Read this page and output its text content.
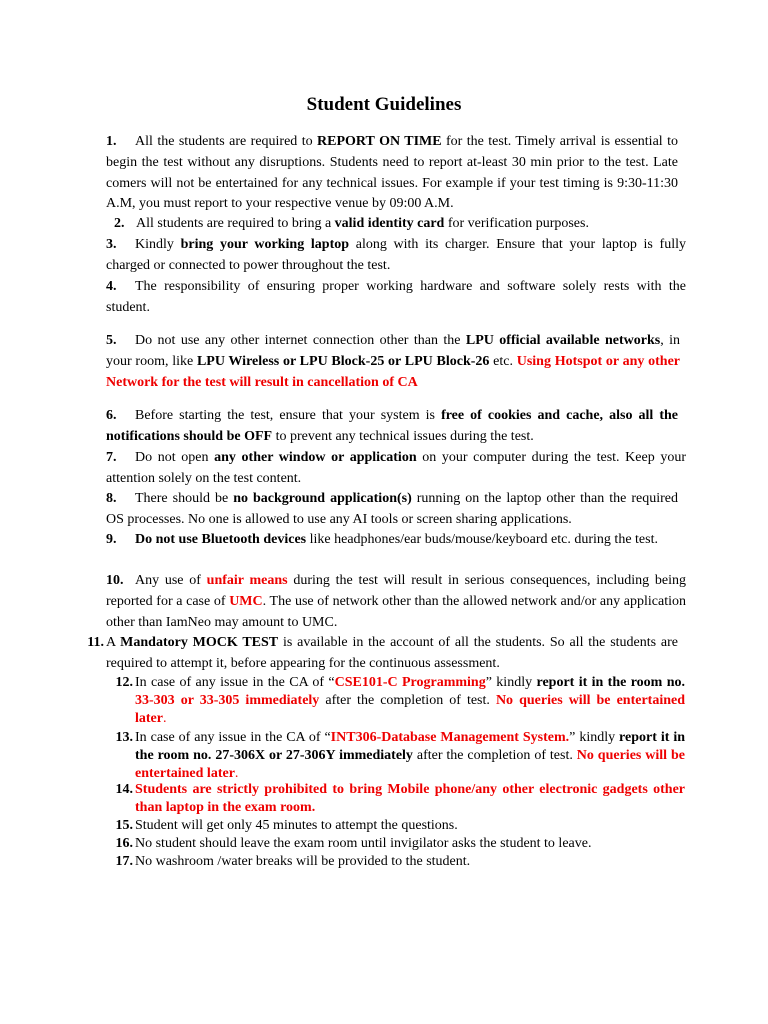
Student Guidelines

1. All the students are required to REPORT ON TIME for the test. Timely arrival is essential to begin the test without any disruptions. Students need to report at-least 30 min prior to the test. Late comers will not be entertained for any technical issues. For example if your test timing is 9:30-11:30 A.M, you must report to your respective venue by 09:00 A.M.

2. All students are required to bring a valid identity card for verification purposes.

3. Kindly bring your working laptop along with its charger. Ensure that your laptop is fully charged or connected to power throughout the test.

4. The responsibility of ensuring proper working hardware and software solely rests with the student.

5. Do not use any other internet connection other than the LPU official available networks, in your room, like LPU Wireless or LPU Block-25 or LPU Block-26 etc. Using Hotspot or any other Network for the test will result in cancellation of CA

6. Before starting the test, ensure that your system is free of cookies and cache, also all the notifications should be OFF to prevent any technical issues during the test.

7. Do not open any other window or application on your computer during the test. Keep your attention solely on the test content.

8. There should be no background application(s) running on the laptop other than the required OS processes. No one is allowed to use any AI tools or screen sharing applications.

9. Do not use Bluetooth devices like headphones/ear buds/mouse/keyboard etc. during the test.

10. Any use of unfair means during the test will result in serious consequences, including being reported for a case of UMC. The use of network other than the allowed network and/or any application other than IamNeo may amount to UMC.

11. A Mandatory MOCK TEST is available in the account of all the students. So all the students are required to attempt it, before appearing for the continuous assessment.

12. In case of any issue in the CA of “CSE101-C Programming” kindly report it in the room no. 33-303 or 33-305 immediately after the completion of test. No queries will be entertained later.

13. In case of any issue in the CA of “INT306-Database Management System.” kindly report it in the room no. 27-306X or 27-306Y immediately after the completion of test. No queries will be entertained later.

14. Students are strictly prohibited to bring Mobile phone/any other electronic gadgets other than laptop in the exam room.

15. Student will get only 45 minutes to attempt the questions.

16. No student should leave the exam room until invigilator asks the student to leave.

17. No washroom /water breaks will be provided to the student.
